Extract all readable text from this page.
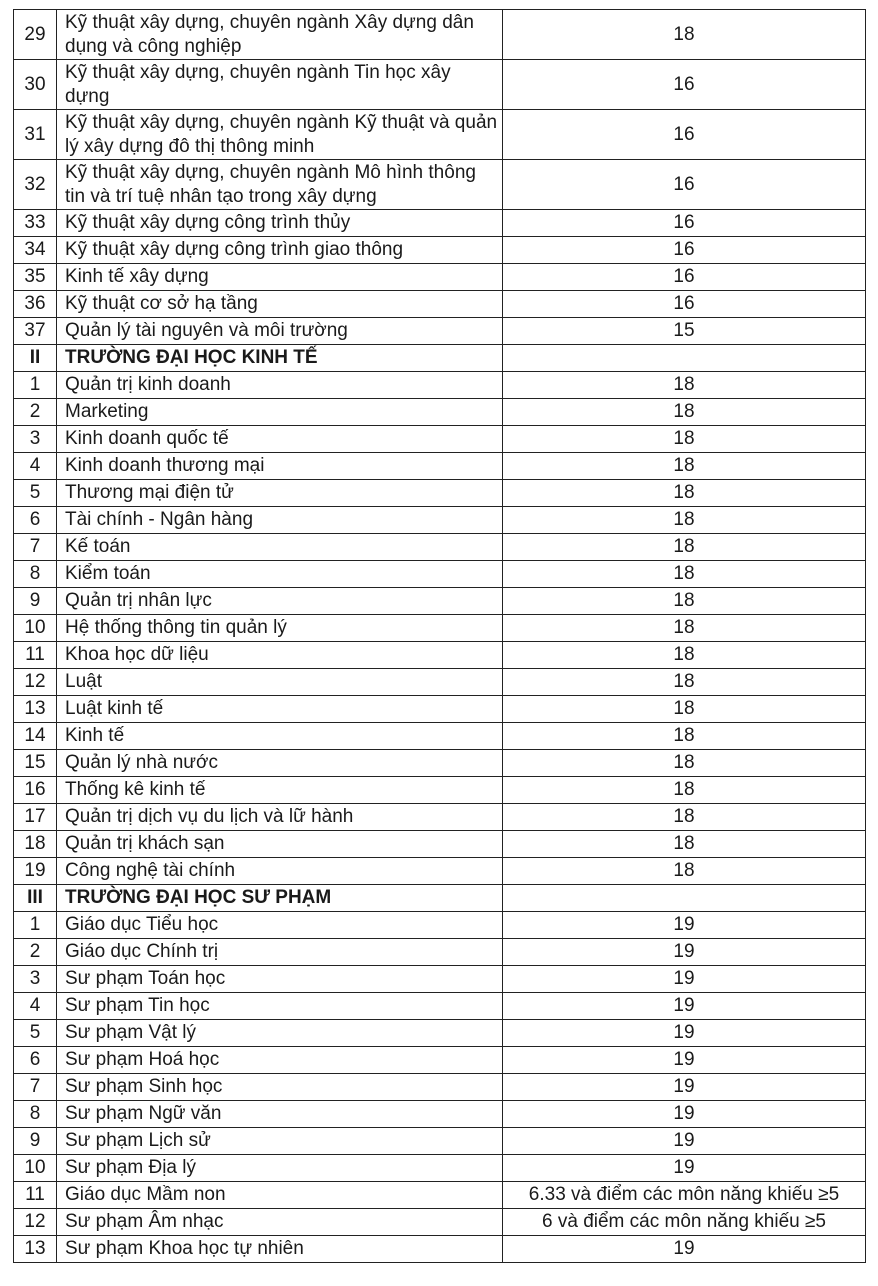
29	Kỹ thuật xây dựng, chuyên ngành Xây dựng dân dụng và công nghiệp	18
30	Kỹ thuật xây dựng, chuyên ngành Tin học xây dựng	16
31	Kỹ thuật xây dựng, chuyên ngành Kỹ thuật và quản lý xây dựng đô thị thông minh	16
32	Kỹ thuật xây dựng, chuyên ngành Mô hình thông tin và trí tuệ nhân tạo trong xây dựng	16
33	Kỹ thuật xây dựng công trình thủy	16
34	Kỹ thuật xây dựng công trình giao thông	16
35	Kinh tế xây dựng	16
36	Kỹ thuật cơ sở hạ tầng	16
37	Quản lý tài nguyên và môi trường	15
II	TRƯỜNG ĐẠI HỌC KINH TẾ	
1	Quản trị kinh doanh	18
2	Marketing	18
3	Kinh doanh quốc tế	18
4	Kinh doanh thương mại	18
5	Thương mại điện tử	18
6	Tài chính - Ngân hàng	18
7	Kế toán	18
8	Kiểm toán	18
9	Quản trị nhân lực	18
10	Hệ thống thông tin quản lý	18
11	Khoa học dữ liệu	18
12	Luật	18
13	Luật kinh tế	18
14	Kinh tế	18
15	Quản lý nhà nước	18
16	Thống kê kinh tế	18
17	Quản trị dịch vụ du lịch và lữ hành	18
18	Quản trị khách sạn	18
19	Công nghệ tài chính	18
III	TRƯỜNG ĐẠI HỌC SƯ PHẠM	
1	Giáo dục Tiểu học	19
2	Giáo dục Chính trị	19
3	Sư phạm Toán học	19
4	Sư phạm Tin học	19
5	Sư phạm Vật lý	19
6	Sư phạm Hoá học	19
7	Sư phạm Sinh học	19
8	Sư phạm Ngữ văn	19
9	Sư phạm Lịch sử	19
10	Sư phạm Địa lý	19
11	Giáo dục Mầm non	6.33 và điểm các môn năng khiếu ≥5
12	Sư phạm Âm nhạc	6 và điểm các môn năng khiếu ≥5
13	Sư phạm Khoa học tự nhiên	19
